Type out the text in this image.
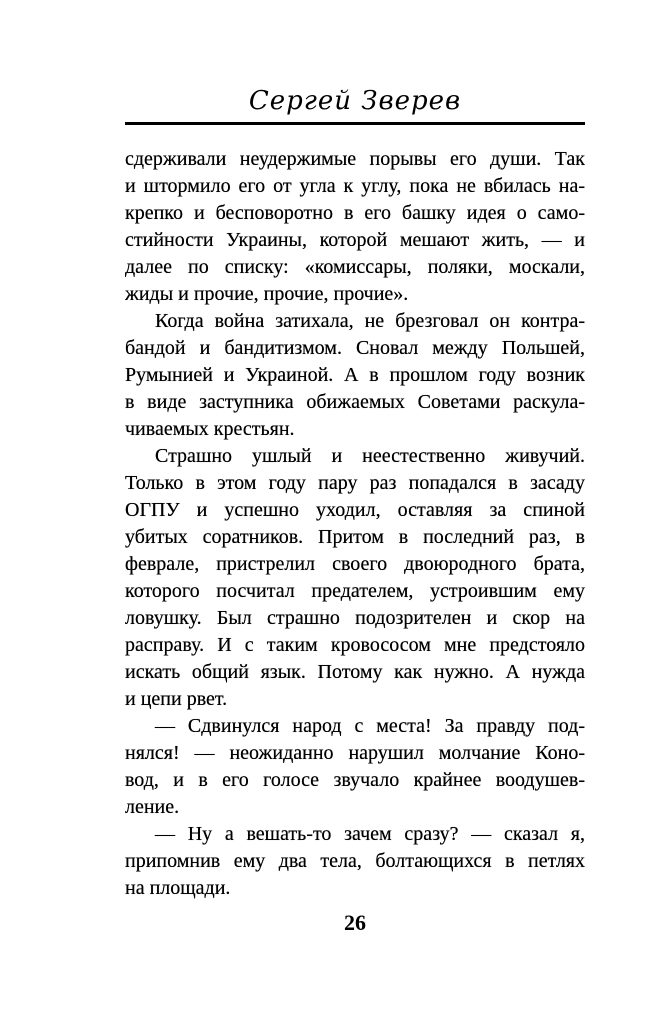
Сергей Зверев
сдерживали неудержимые порывы его души. Так
и штормило его от угла к углу, пока не вбилась на-
крепко и бесповоротно в его башку идея о само-
стийности Украины, которой мешают жить, — и
далее по списку: «комиссары, поляки, москали,
жиды и прочие, прочие, прочие».
Когда война затихала, не брезговал он контра-
бандой и бандитизмом. Сновал между Польшей,
Румынией и Украиной. А в прошлом году возник
в виде заступника обижаемых Советами раскула-
чиваемых крестьян.
Страшно ушлый и неестественно живучий.
Только в этом году пару раз попадался в засаду
ОГПУ и успешно уходил, оставляя за спиной
убитых соратников. Притом в последний раз, в
феврале, пристрелил своего двоюродного брата,
которого посчитал предателем, устроившим ему
ловушку. Был страшно подозрителен и скор на
расправу. И с таким кровососом мне предстояло
искать общий язык. Потому как нужно. А нужда
и цепи рвет.
— Сдвинулся народ с места! За правду под-
нялся! — неожиданно нарушил молчание Коно-
вод, и в его голосе звучало крайнее воодушев-
ление.
— Ну а вешать-то зачем сразу? — сказал я,
припомнив ему два тела, болтающихся в петлях
на площади.
26
